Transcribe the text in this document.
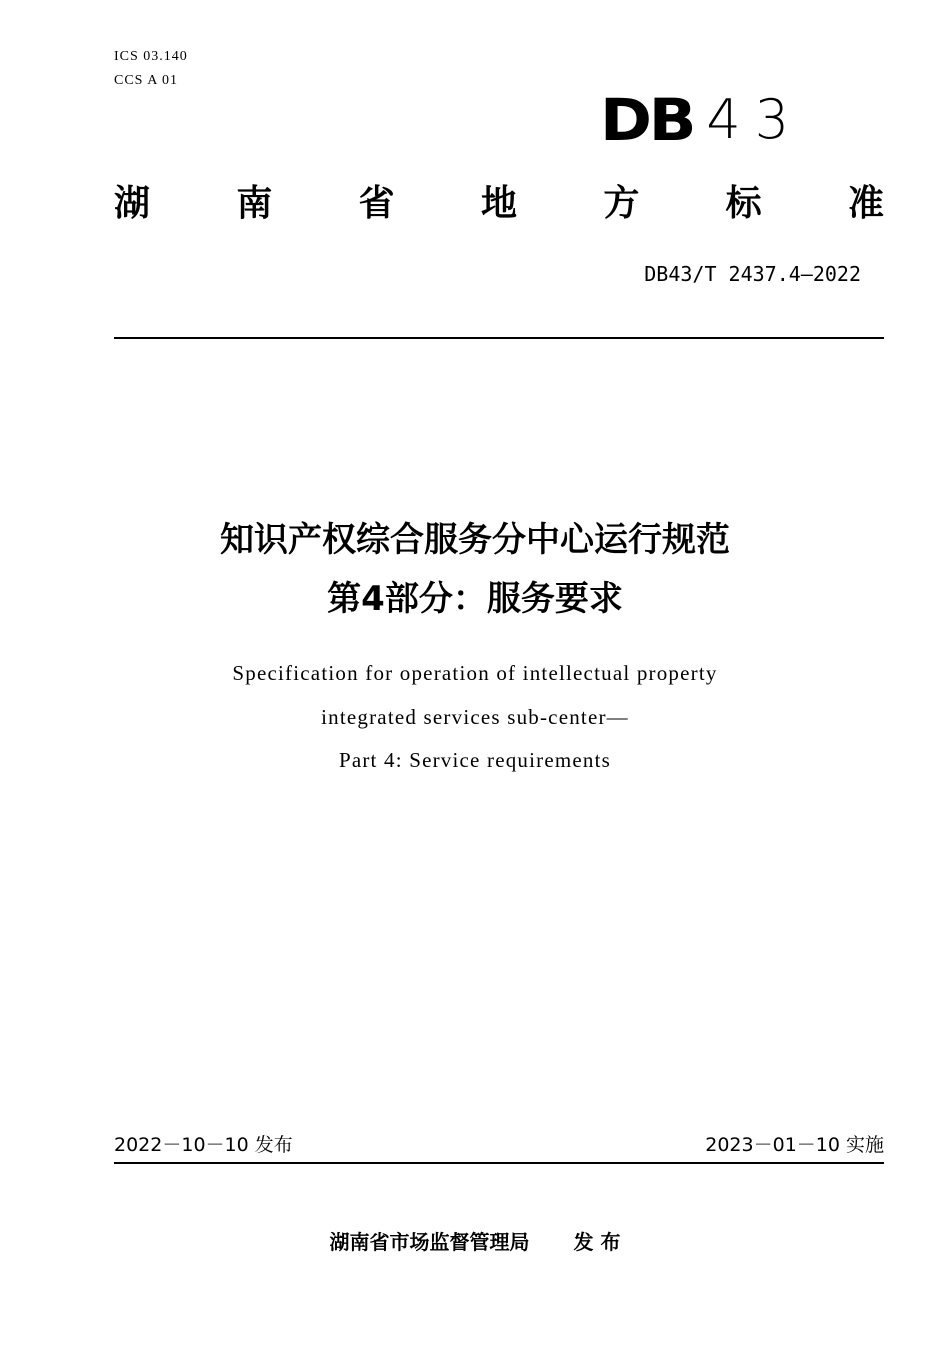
ICS 03.140
CCS A 01
DB 43
湖 南 省 地 方 标 准
DB43/T 2437.4—2022
知识产权综合服务分中心运行规范
第4部分：服务要求
Specification for operation of intellectual property
integrated services sub-center—
Part 4: Service requirements
2022－10－10 发布	2023－01－10 实施
湖南省市场监督管理局 发 布
